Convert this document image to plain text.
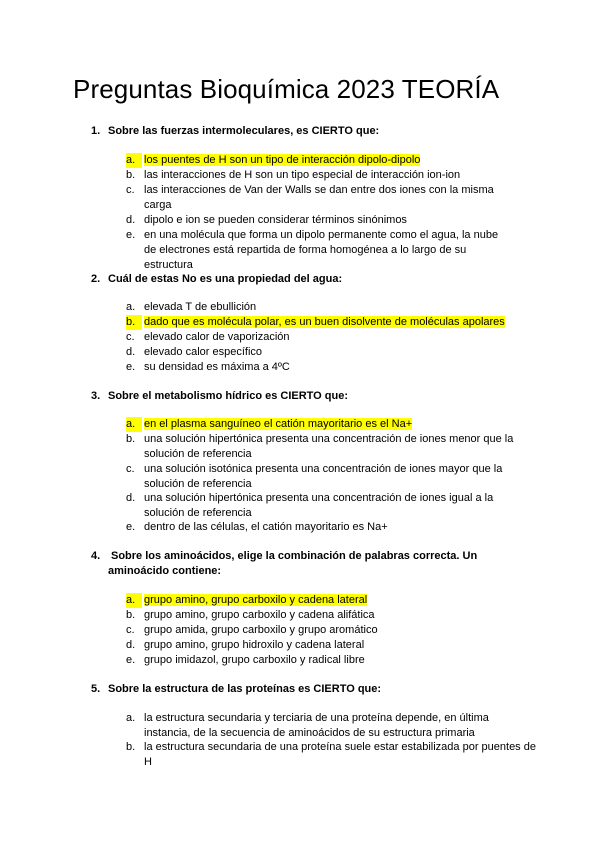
Preguntas Bioquímica 2023 TEORÍA
1. Sobre las fuerzas intermoleculares, es CIERTO que:
a. los puentes de H son un tipo de interacción dipolo-dipolo
b. las interacciones de H son un tipo especial de interacción ion-ion
c. las interacciones de Van der Walls se dan entre dos iones con la misma carga
d. dipolo e ion se pueden considerar términos sinónimos
e. en una molécula que forma un dipolo permanente como el agua, la nube de electrones está repartida de forma homogénea a lo largo de su estructura
2. Cuál de estas No es una propiedad del agua:
a. elevada T de ebullición
b. dado que es molécula polar, es un buen disolvente de moléculas apolares
c. elevado calor de vaporización
d. elevado calor específico
e. su densidad es máxima a 4ºC
3. Sobre el metabolismo hídrico es CIERTO que:
a. en el plasma sanguíneo el catión mayoritario es el Na+
b. una solución hipertónica presenta una concentración de iones menor que la solución de referencia
c. una solución isotónica presenta una concentración de iones mayor que la solución de referencia
d. una solución hipertónica presenta una concentración de iones igual a la solución de referencia
e. dentro de las células, el catión mayoritario es Na+
4. Sobre los aminoácidos, elige la combinación de palabras correcta. Un
aminoácido contiene:
a. grupo amino, grupo carboxilo y cadena lateral
b. grupo amino, grupo carboxilo y cadena alifática
c. grupo amida, grupo carboxilo y grupo aromático
d. grupo amino, grupo hidroxilo y cadena lateral
e. grupo imidazol, grupo carboxilo y radical libre
5. Sobre la estructura de las proteínas es CIERTO que:
a. la estructura secundaria y terciaria de una proteína depende, en última instancia, de la secuencia de aminoácidos de su estructura primaria
b. la estructura secundaria de una proteína suele estar estabilizada por puentes de H
